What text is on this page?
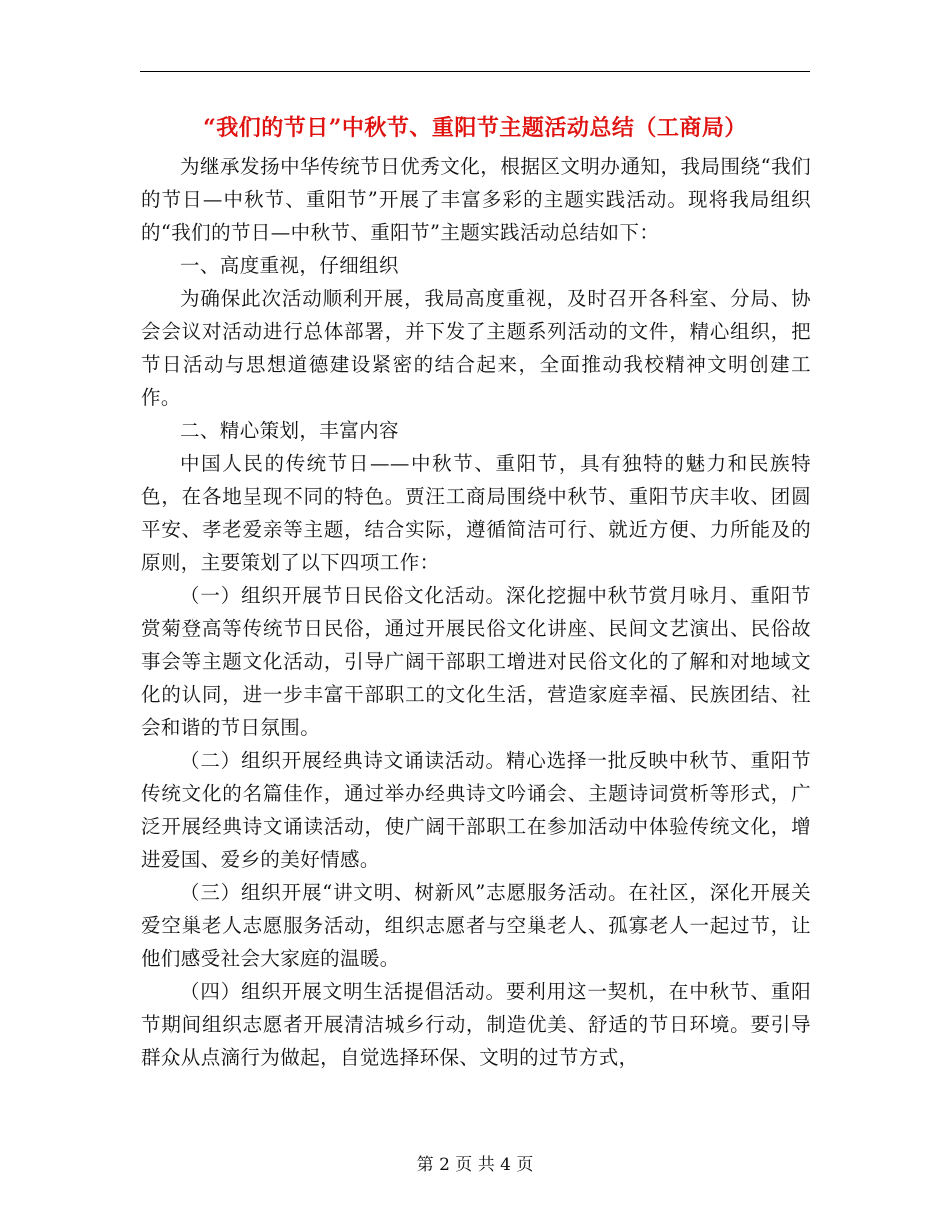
“我们的节日”中秋节、重阳节主题活动总结（工商局）

为继承发扬中华传统节日优秀文化，根据区文明办通知，我局围绕“我们的节日—中秋节、重阳节”开展了丰富多彩的主题实践活动。现将我局组织的“我们的节日—中秋节、重阳节”主题实践活动总结如下：

一、高度重视，仔细组织

为确保此次活动顺利开展，我局高度重视，及时召开各科室、分局、协会会议对活动进行总体部署，并下发了主题系列活动的文件，精心组织，把节日活动与思想道德建设紧密的结合起来，全面推动我校精神文明创建工作。

二、精心策划，丰富内容

中国人民的传统节日——中秋节、重阳节，具有独特的魅力和民族特色，在各地呈现不同的特色。贾汪工商局围绕中秋节、重阳节庆丰收、团圆平安、孝老爱亲等主题，结合实际，遵循简洁可行、就近方便、力所能及的原则，主要策划了以下四项工作：

（一）组织开展节日民俗文化活动。深化挖掘中秋节赏月咏月、重阳节赏菊登高等传统节日民俗，通过开展民俗文化讲座、民间文艺演出、民俗故事会等主题文化活动，引导广阔干部职工增进对民俗文化的了解和对地域文化的认同，进一步丰富干部职工的文化生活，营造家庭幸福、民族团结、社会和谐的节日氛围。

（二）组织开展经典诗文诵读活动。精心选择一批反映中秋节、重阳节传统文化的名篇佳作，通过举办经典诗文吟诵会、主题诗词赏析等形式，广泛开展经典诗文诵读活动，使广阔干部职工在参加活动中体验传统文化，增进爱国、爱乡的美好情感。

（三）组织开展“讲文明、树新风”志愿服务活动。在社区，深化开展关爱空巢老人志愿服务活动，组织志愿者与空巢老人、孤寡老人一起过节，让他们感受社会大家庭的温暖。

（四）组织开展文明生活提倡活动。要利用这一契机，在中秋节、重阳节期间组织志愿者开展清洁城乡行动，制造优美、舒适的节日环境。要引导群众从点滴行为做起，自觉选择环保、文明的过节方式，

第 2 页 共 4 页
